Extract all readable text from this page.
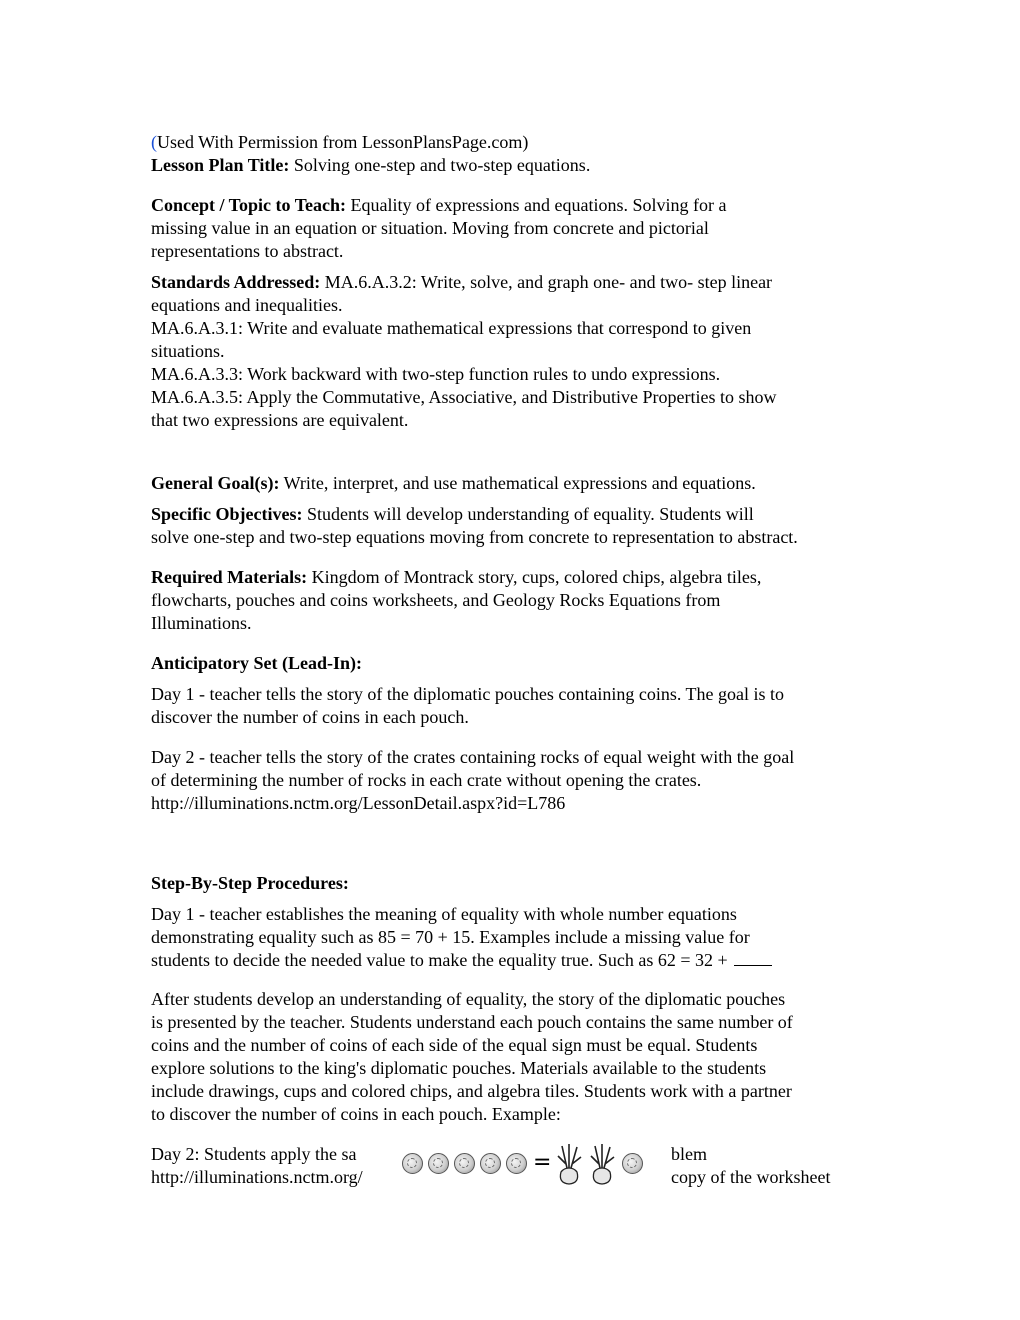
(Used With Permission from LessonPlansPage.com)
Lesson Plan Title: Solving one-step and two-step equations.
Concept / Topic to Teach: Equality of expressions and equations. Solving for a
missing value in an equation or situation. Moving from concrete and pictorial
representations to abstract.
Standards Addressed: MA.6.A.3.2: Write, solve, and graph one- and two- step linear
equations and inequalities.
MA.6.A.3.1: Write and evaluate mathematical expressions that correspond to given
situations.
MA.6.A.3.3: Work backward with two-step function rules to undo expressions.
MA.6.A.3.5: Apply the Commutative, Associative, and Distributive Properties to show
that two expressions are equivalent.
General Goal(s): Write, interpret, and use mathematical expressions and equations.
Specific Objectives: Students will develop understanding of equality. Students will
solve one-step and two-step equations moving from concrete to representation to abstract.
Required Materials: Kingdom of Montrack story, cups, colored chips, algebra tiles,
flowcharts, pouches and coins worksheets, and Geology Rocks Equations from
Illuminations.
Anticipatory Set (Lead-In):
Day 1 - teacher tells the story of the diplomatic pouches containing coins. The goal is to
discover the number of coins in each pouch.
Day 2 - teacher tells the story of the crates containing rocks of equal weight with the goal
of determining the number of rocks in each crate without opening the crates.
http://illuminations.nctm.org/LessonDetail.aspx?id=L786
Step-By-Step Procedures:
Day 1 - teacher establishes the meaning of equality with whole number equations
demonstrating equality such as 85 = 70 + 15. Examples include a missing value for
students to decide the needed value to make the equality true. Such as 62 = 32 +
After students develop an understanding of equality, the story of the diplomatic pouches
is presented by the teacher. Students understand each pouch contains the same number of
coins and the number of coins of each side of the equal sign must be equal. Students
explore solutions to the king's diplomatic pouches. Materials available to the students
include drawings, cups and colored chips, and algebra tiles. Students work with a partner
to discover the number of coins in each pouch. Example:
Day 2: Students apply the sa	blem
http://illuminations.nctm.org/	copy of the worksheet
=
